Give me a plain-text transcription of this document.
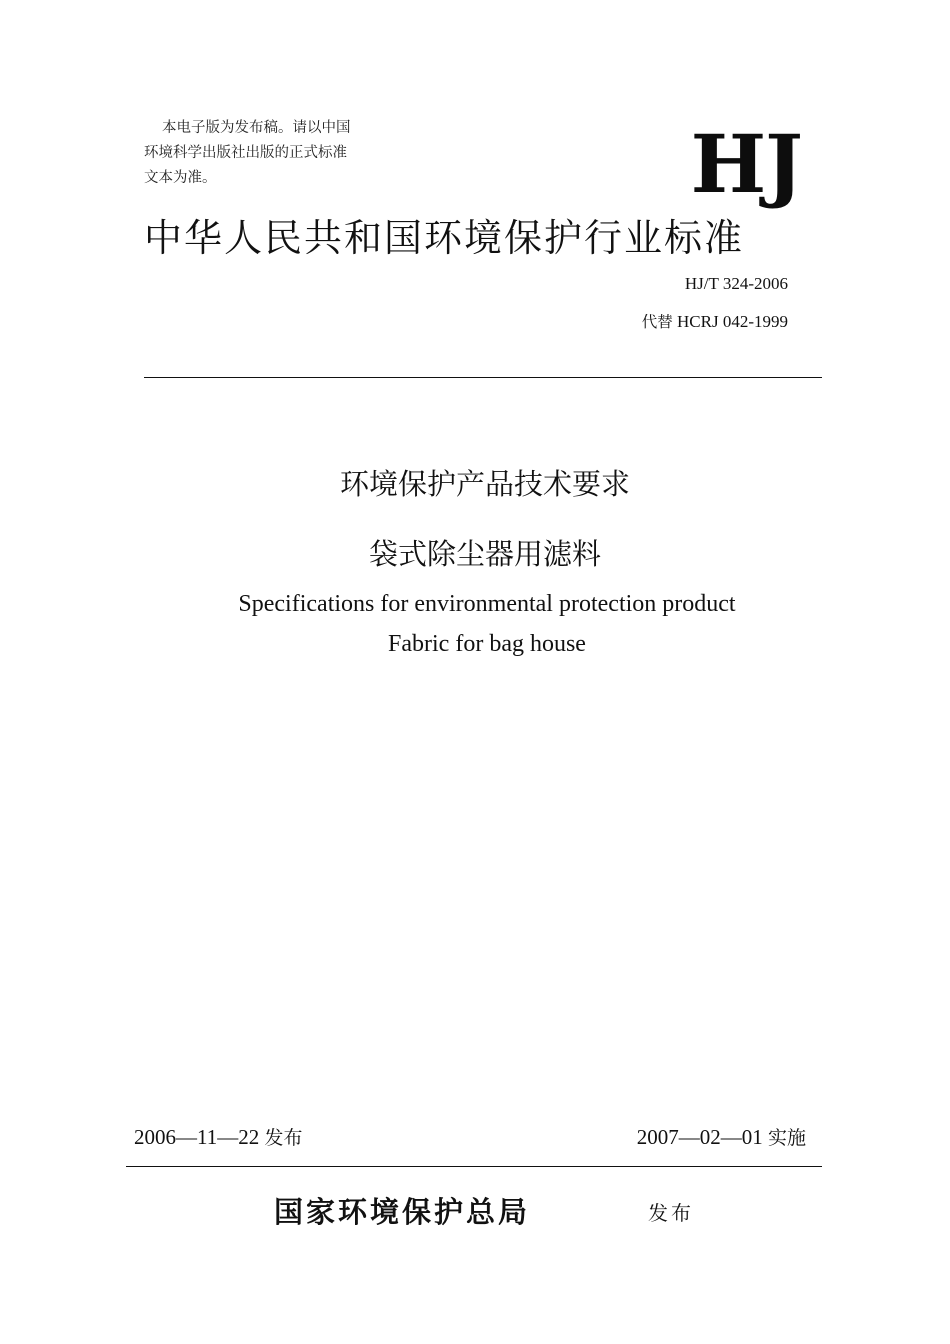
本电子版为发布稿。请以中国
环境科学出版社出版的正式标准
文本为准。	HJ
中华人民共和国环境保护行业标准
HJ/T 324-2006
代替 HCRJ 042-1999
环境保护产品技术要求
袋式除尘器用滤料
Specifications for environmental protection product
Fabric for bag house
2006—11—22 发布	2007—02—01 实施
国家环境保护总局	发布
